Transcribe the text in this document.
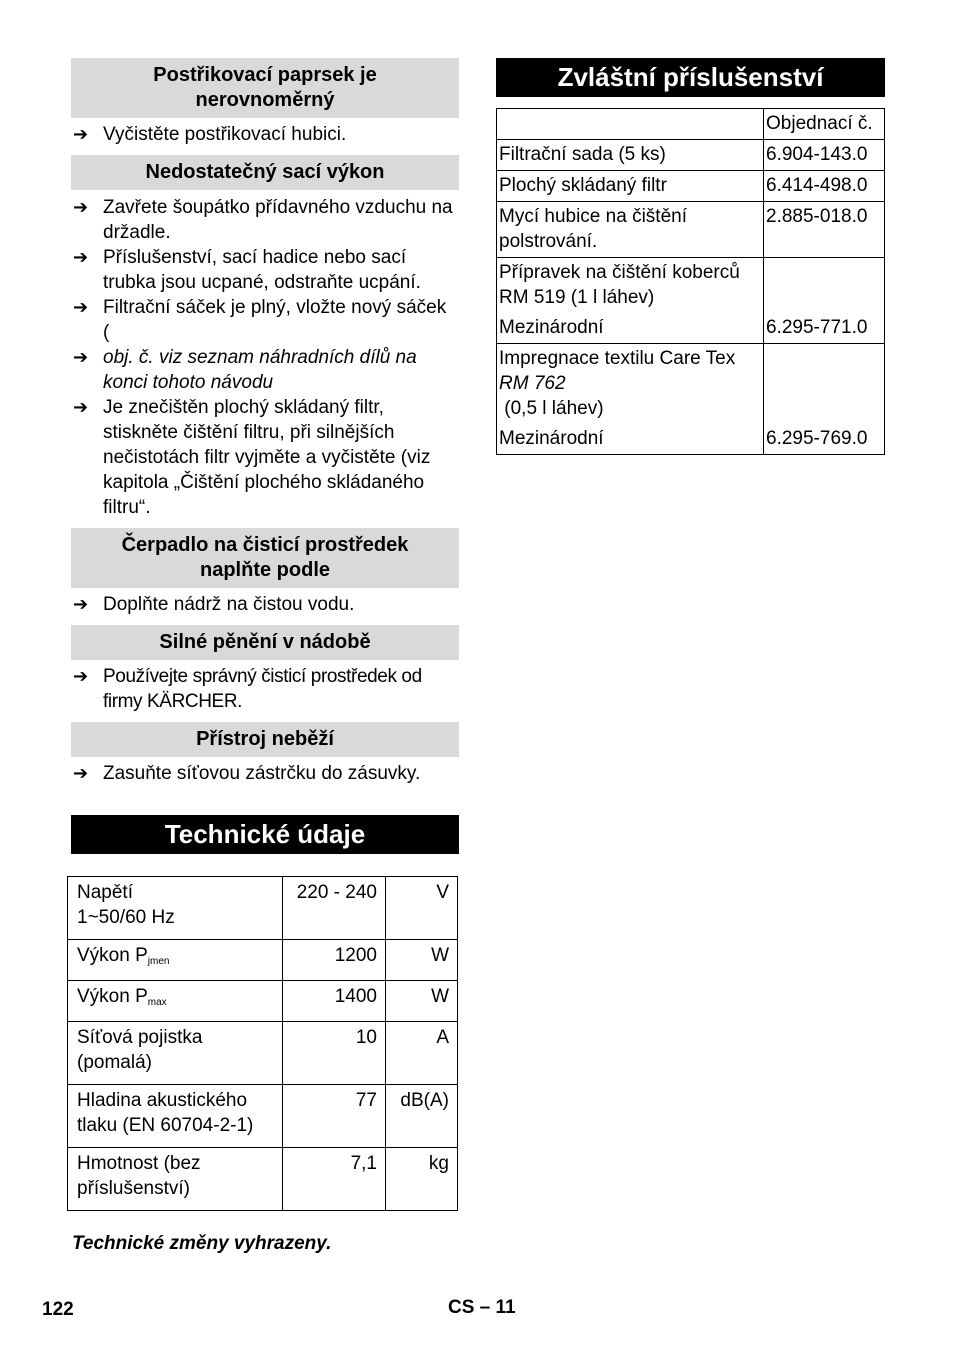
Postřikovací paprsek je nerovnoměrný

➔ Vyčistěte postřikovací hubici.

Nedostatečný sací výkon

➔ Zavřete šoupátko přídavného vzduchu na držadle.

➔ Příslušenství, sací hadice nebo sací trubka jsou ucpané, odstraňte ucpání.

➔ Filtrační sáček je plný, vložte nový sáček (

➔ obj. č. viz seznam náhradních dílů na konci tohoto návodu

➔ Je znečištěn plochý skládaný filtr, stiskněte čištění filtru, při silnějších nečistotách filtr vyjměte a vyčistěte (viz kapitola „Čištění plochého skládaného filtru“.

Čerpadlo na čisticí prostředek naplňte podle

➔ Doplňte nádrž na čistou vodu.

Silné pěnění v nádobě

➔ Používejte správný čisticí prostředek od firmy KÄRCHER.

Přístroj neběží

➔ Zasuňte síťovou zástrčku do zásuvky.

Technické údaje
Napětí
1~50/60 Hz	220 - 240	V
Výkon $P_{jmen}$	1200	W
Výkon $P_{max}$	1400	W
Síťová pojistka (pomalá)	10	A
Hladina akustického tlaku (EN 60704-2-1)	77	dB(A)
Hmotnost (bez příslušenství)	7,1	kg
Technické změny vyhrazeny.
Zvláštní příslušenství
	Objednací č.
Filtrační sada (5 ks)	6.904-143.0
Plochý skládaný filtr	6.414-498.0
Mycí hubice na čištění polstrování.	2.885-018.0

Přípravek na čištění koberců RM 519 (1 l láhev)
Mezinárodní	6.295-771.0

Impregnace textilu Care Tex
RM 762
(0,5 l láhev)
Mezinárodní	6.295-769.0
122	CS – 11
